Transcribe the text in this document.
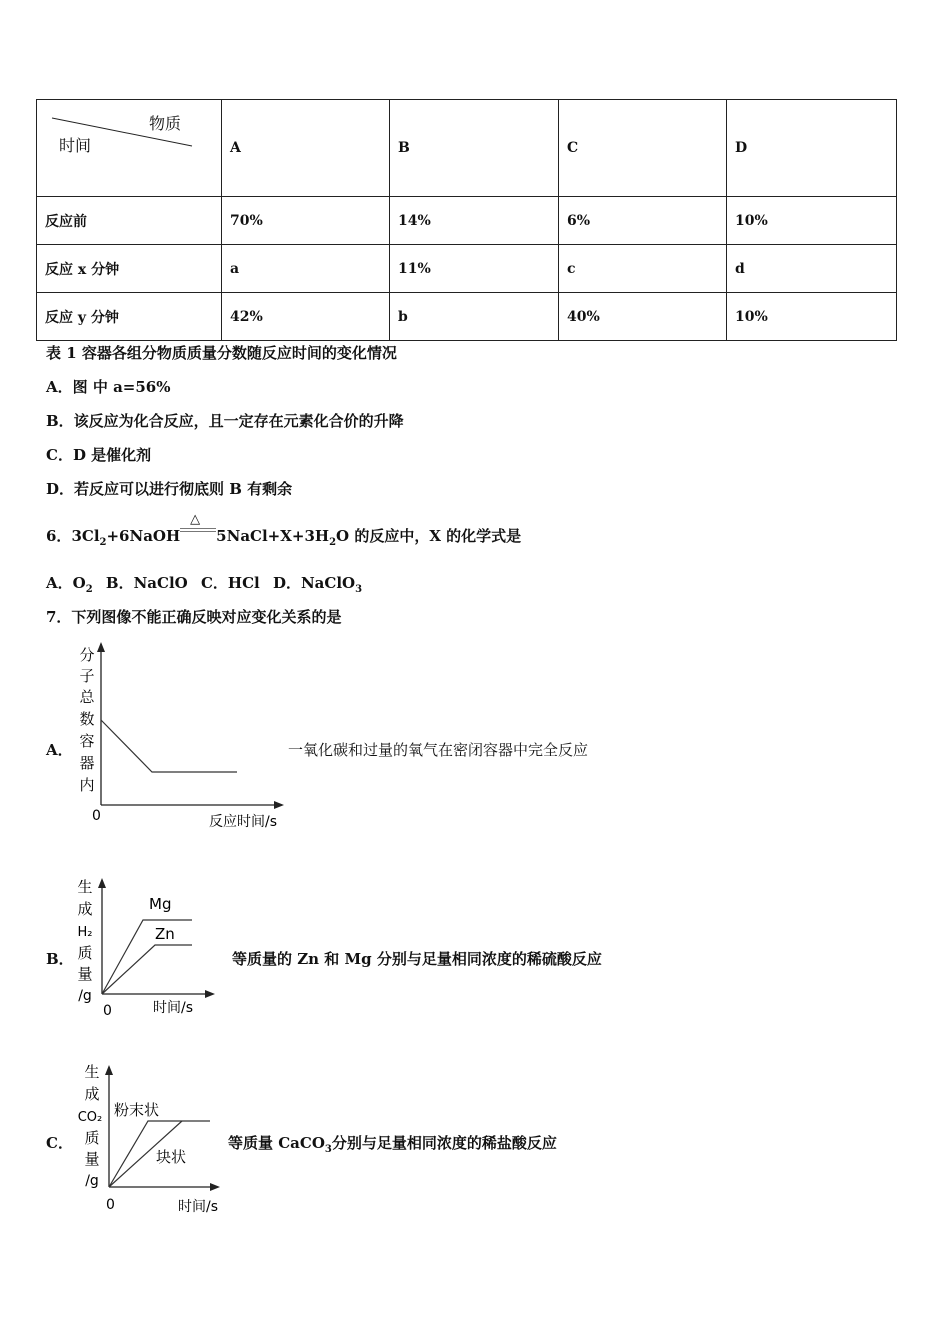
物质
时间	A	B	C	D
反应前	70%	14%	6%	10%
反应 x 分钟	a	11%	c	d
反应 y 分钟	42%	b	40%	10%
表 1 容器各组分物质质量分数随反应时间的变化情况
A．图 中 a=56%
B．该反应为化合反应，且一定存在元素化合价的升降
C．D 是催化剂
D．若反应可以进行彻底则 B 有剩余
6．$3Cl_2+6NaOH$
△
$5NaCl+X+3H_2O$ 的反应中，X 的化学式是
A．$O_2$ B．NaClO C．HCl D．NaClO$_3$
7．下列图像不能正确反映对应变化关系的是
A．
分
子
总
数
容
器
内
0	反应时间/s
一氧化碳和过量的氧气在密闭容器中完全反应
B．
生
成
H₂
质
量
/g
Mg
Zn
0	时间/s
等质量的 Zn 和 Mg 分别与足量相同浓度的稀硫酸反应
C．
生
成
CO₂
质
量
/g
粉末状
块状
0	时间/s
等质量 CaCO$_3$分别与足量相同浓度的稀盐酸反应
